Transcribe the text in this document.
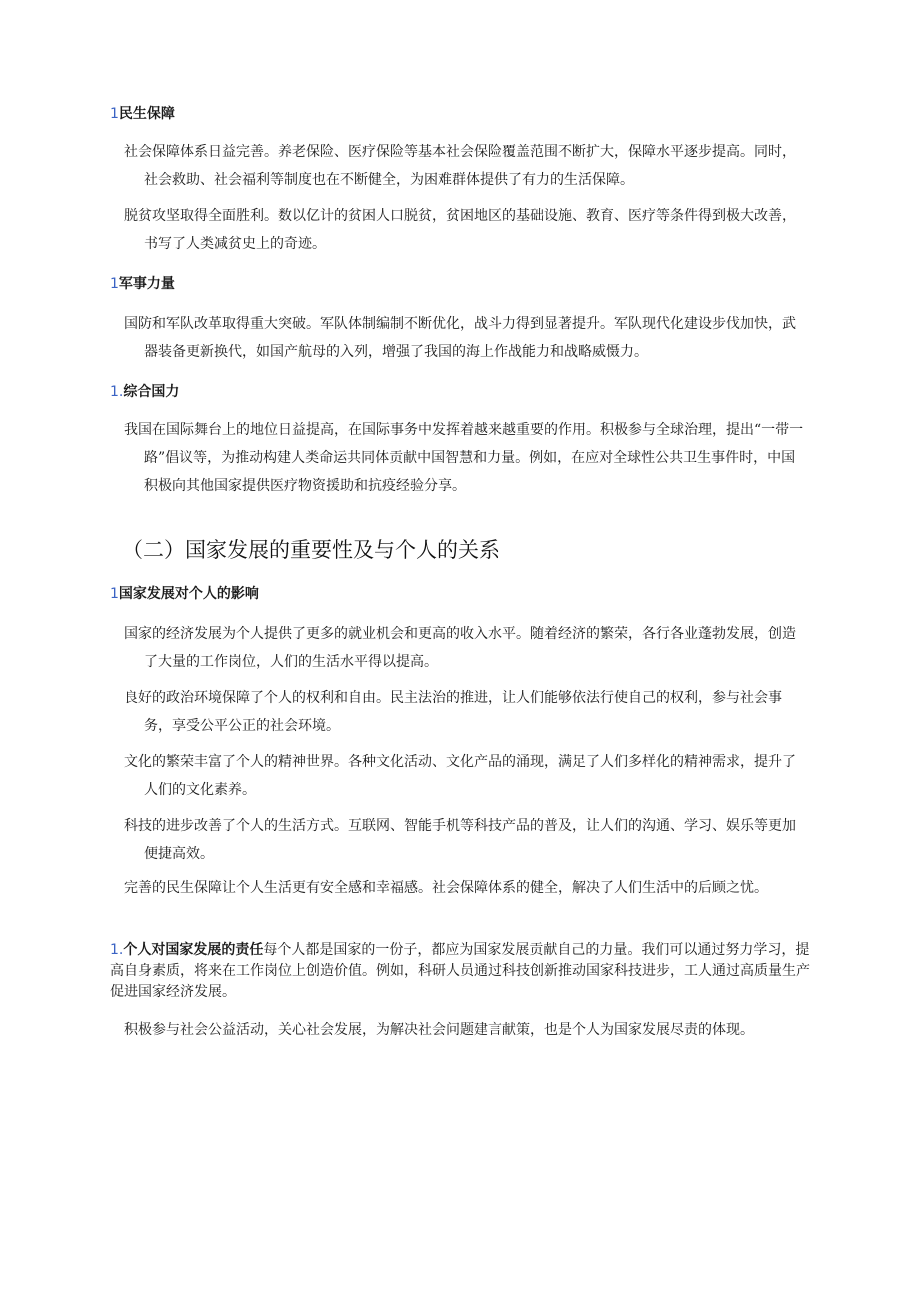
1民生保障
社会保障体系日益完善。养老保险、医疗保险等基本社会保险覆盖范围不断扩大，保障水平逐步提高。同时，社会救助、社会福利等制度也在不断健全，为困难群体提供了有力的生活保障。
脱贫攻坚取得全面胜利。数以亿计的贫困人口脱贫，贫困地区的基础设施、教育、医疗等条件得到极大改善，书写了人类减贫史上的奇迹。
1军事力量
国防和军队改革取得重大突破。军队体制编制不断优化，战斗力得到显著提升。军队现代化建设步伐加快，武器装备更新换代，如国产航母的入列，增强了我国的海上作战能力和战略威慑力。
1.综合国力
我国在国际舞台上的地位日益提高，在国际事务中发挥着越来越重要的作用。积极参与全球治理，提出“一带一路”倡议等，为推动构建人类命运共同体贡献中国智慧和力量。例如，在应对全球性公共卫生事件时，中国积极向其他国家提供医疗物资援助和抗疫经验分享。
（二）国家发展的重要性及与个人的关系
1国家发展对个人的影响
国家的经济发展为个人提供了更多的就业机会和更高的收入水平。随着经济的繁荣，各行各业蓬勃发展，创造了大量的工作岗位，人们的生活水平得以提高。
良好的政治环境保障了个人的权利和自由。民主法治的推进，让人们能够依法行使自己的权利，参与社会事务，享受公平公正的社会环境。
文化的繁荣丰富了个人的精神世界。各种文化活动、文化产品的涌现，满足了人们多样化的精神需求，提升了人们的文化素养。
科技的进步改善了个人的生活方式。互联网、智能手机等科技产品的普及，让人们的沟通、学习、娱乐等更加便捷高效。
完善的民生保障让个人生活更有安全感和幸福感。社会保障体系的健全，解决了人们生活中的后顾之忧。
1.个人对国家发展的责任每个人都是国家的一份子，都应为国家发展贡献自己的力量。我们可以通过努力学习，提高自身素质，将来在工作岗位上创造价值。例如，科研人员通过科技创新推动国家科技进步，工人通过高质量生产促进国家经济发展。
积极参与社会公益活动，关心社会发展，为解决社会问题建言献策，也是个人为国家发展尽责的体现。
